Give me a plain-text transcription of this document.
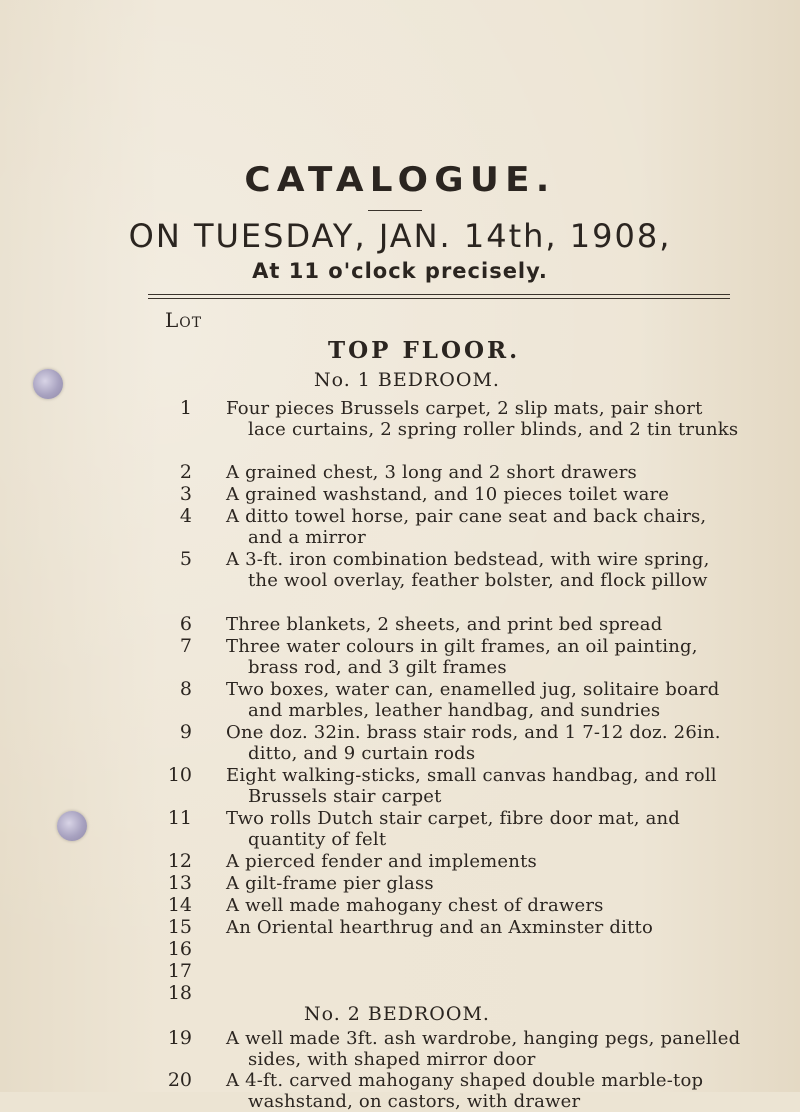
CATALOGUE.
ON TUESDAY, JAN. 14th, 1908,
At 11 o'clock precisely.
Lot
TOP FLOOR.
No. 1 BEDROOM.
1 Four pieces Brussels carpet, 2 slip mats, pair short lace curtains, 2 spring roller blinds, and 2 tin trunks
2 A grained chest, 3 long and 2 short drawers
3 A grained washstand, and 10 pieces toilet ware
4 A ditto towel horse, pair cane seat and back chairs, and a mirror
5 A 3-ft. iron combination bedstead, with wire spring, the wool overlay, feather bolster, and flock pillow
6 Three blankets, 2 sheets, and print bed spread
7 Three water colours in gilt frames, an oil painting, brass rod, and 3 gilt frames
8 Two boxes, water can, enamelled jug, solitaire board and marbles, leather handbag, and sundries
9 One doz. 32in. brass stair rods, and 1 7-12 doz. 26in. ditto, and 9 curtain rods
10 Eight walking-sticks, small canvas handbag, and roll Brussels stair carpet
11 Two rolls Dutch stair carpet, fibre door mat, and quantity of felt
12 A pierced fender and implements
13 A gilt-frame pier glass
14 A well made mahogany chest of drawers
15 An Oriental hearthrug and an Axminster ditto
16
17
18
No. 2 BEDROOM.
19 A well made 3ft. ash wardrobe, hanging pegs, panelled sides, with shaped mirror door
20 A 4-ft. carved mahogany shaped double marble-top washstand, on castors, with drawer
